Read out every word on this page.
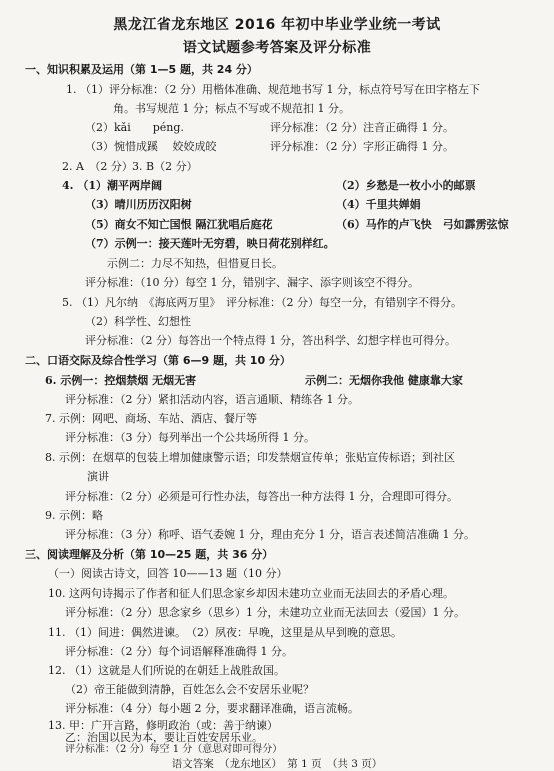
黑龙江省龙东地区 2016 年初中毕业学业统一考试
语文试题参考答案及评分标准
一、知识积累及运用（第 1—5 题，共 24 分）
1. （1）评分标准：（2 分）用楷体准确、规范地书写 1 分，标点符号写在田字格左下
角。书写规范 1 分；标点不写或不规范扣 1 分。
（2）kǎi　　péng.	评分标准：（2 分）注音正确得 1 分。
（3）惋惜成蹊　 姣姣成皎	评分标准：（2 分）字形正确得 1 分。
2. A　（2 分） 3. B（2 分）
4. （1）潮平两岸阔	（2）乡愁是一枚小小的邮票
（3）晴川历历汉阳树	（4）千里共婵娟
（5）商女不知亡国恨 隔江犹唱后庭花	（6）马作的卢飞快　弓如霹雳弦惊
（7）示例一：接天莲叶无穷碧，映日荷花别样红。
示例二：力尽不知热，但惜夏日长。
评分标准：（10 分）每空 1 分，错别字、漏字、添字则该空不得分。
5. （1）凡尔纳　《海底两万里》　评分标准：（2 分）每空一分，有错别字不得分。
（2）科学性、幻想性
评分标准：（2 分）每答出一个特点得 1 分，答出科学、幻想字样也可得分。
二、口语交际及综合性学习（第 6—9 题，共 10 分）
6. 示例一：控烟禁烟 无烟无害	示例二：无烟你我他 健康靠大家
评分标准：（2 分）紧扣活动内容，语言通顺、精练各 1 分。
7. 示例：网吧、商场、车站、酒店、餐厅等
评分标准：（3 分）每列举出一个公共场所得 1 分。
8. 示例：在烟草的包装上增加健康警示语；印发禁烟宣传单；张贴宣传标语；到社区
演讲
评分标准：（2 分）必须是可行性办法，每答出一种方法得 1 分，合理即可得分。
9. 示例：略
评分标准：（3 分）称呼、语气委婉 1 分，理由充分 1 分，语言表述简洁准确 1 分。
三、阅读理解及分析（第 10—25 题，共 36 分）
（一）阅读古诗文，回答 10——13 题（10 分）
10. 这两句诗揭示了作者和征人们思念家乡却因未建功立业而无法回去的矛盾心理。
评分标准：（2 分）思念家乡（思乡）1 分，未建功立业而无法回去（爱国）1 分。
11. （1）间进：偶然进谏。　（2）夙夜：早晚，这里是从早到晚的意思。
评分标准：（2 分）每个词语解释准确得 1 分。
12. （1）这就是人们所说的在朝廷上战胜敌国。
（2）帝王能做到清静，百姓怎么会不安居乐业呢？
评分标准：（4 分）每小题 2 分，要求翻译准确，语言流畅。
13. 甲：广开言路，修明政治（或：善于纳谏）
乙：治国以民为本，要让百姓安居乐业。
评分标准：（2 分）每空 1 分（意思对即可得分）
语文答案　（龙东地区）　第 1 页　（共 3 页）
